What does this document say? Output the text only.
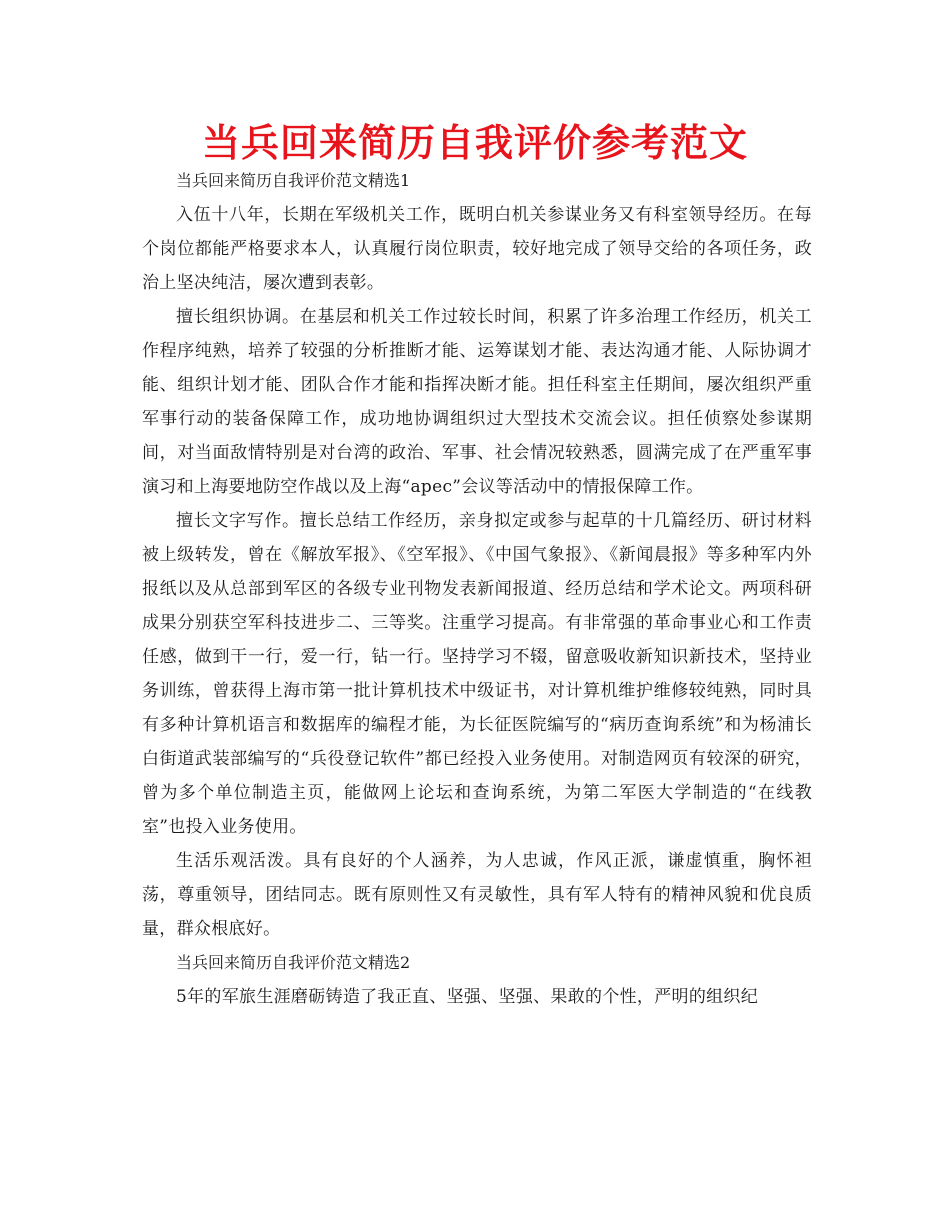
当兵回来简历自我评价参考范文

当兵回来简历自我评价范文精选1

入伍十八年，长期在军级机关工作，既明白机关参谋业务又有科室领导经历。在每个岗位都能严格要求本人，认真履行岗位职责，较好地完成了领导交给的各项任务，政治上坚决纯洁，屡次遭到表彰。

擅长组织协调。在基层和机关工作过较长时间，积累了许多治理工作经历，机关工作程序纯熟，培养了较强的分析推断才能、运筹谋划才能、表达沟通才能、人际协调才能、组织计划才能、团队合作才能和指挥决断才能。担任科室主任期间，屡次组织严重军事行动的装备保障工作，成功地协调组织过大型技术交流会议。担任侦察处参谋期间，对当面敌情特别是对台湾的政治、军事、社会情况较熟悉，圆满完成了在严重军事演习和上海要地防空作战以及上海“apec”会议等活动中的情报保障工作。

擅长文字写作。擅长总结工作经历，亲身拟定或参与起草的十几篇经历、研讨材料被上级转发，曾在《解放军报》、《空军报》、《中国气象报》、《新闻晨报》等多种军内外报纸以及从总部到军区的各级专业刊物发表新闻报道、经历总结和学术论文。两项科研成果分别获空军科技进步二、三等奖。注重学习提高。有非常强的革命事业心和工作责任感，做到干一行，爱一行，钻一行。坚持学习不辍，留意吸收新知识新技术，坚持业务训练，曾获得上海市第一批计算机技术中级证书，对计算机维护维修较纯熟，同时具有多种计算机语言和数据库的编程才能，为长征医院编写的“病历查询系统”和为杨浦长白街道武装部编写的“兵役登记软件”都已经投入业务使用。对制造网页有较深的研究，曾为多个单位制造主页，能做网上论坛和查询系统，为第二军医大学制造的“在线教室”也投入业务使用。

生活乐观活泼。具有良好的个人涵养，为人忠诚，作风正派，谦虚慎重，胸怀袒荡，尊重领导，团结同志。既有原则性又有灵敏性，具有军人特有的精神风貌和优良质量，群众根底好。

当兵回来简历自我评价范文精选2

5年的军旅生涯磨砺铸造了我正直、坚强、坚强、果敢的个性，严明的组织纪
